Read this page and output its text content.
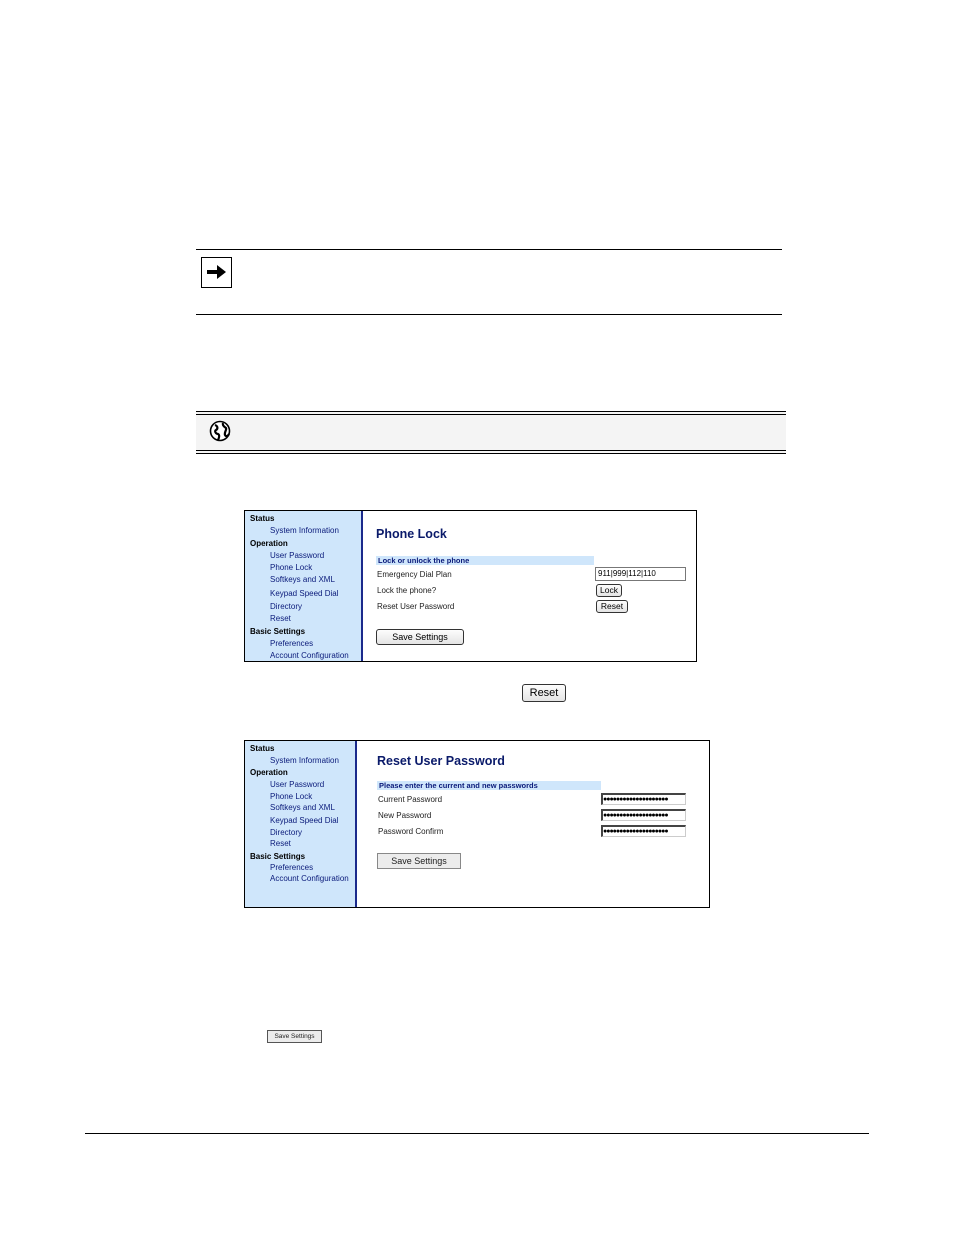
Status
System Information
Operation
User Password
Phone Lock
Softkeys and XML
Keypad Speed Dial
Directory
Reset
Basic Settings
Preferences
Account Configuration
Phone Lock
Lock or unlock the phone
Emergency Dial Plan	911|999|112|110
Lock the phone?	Lock
Reset User Password	Reset
Save Settings
Reset
Status
System Information
Operation
User Password
Phone Lock
Softkeys and XML
Keypad Speed Dial
Directory
Reset
Basic Settings
Preferences
Account Configuration
Reset User Password
Please enter the current and new passwords
Current Password	●●●●●●●●●●●●●●●●●●●●
New Password	●●●●●●●●●●●●●●●●●●●●
Password Confirm	●●●●●●●●●●●●●●●●●●●●
Save Settings
Save Settings
